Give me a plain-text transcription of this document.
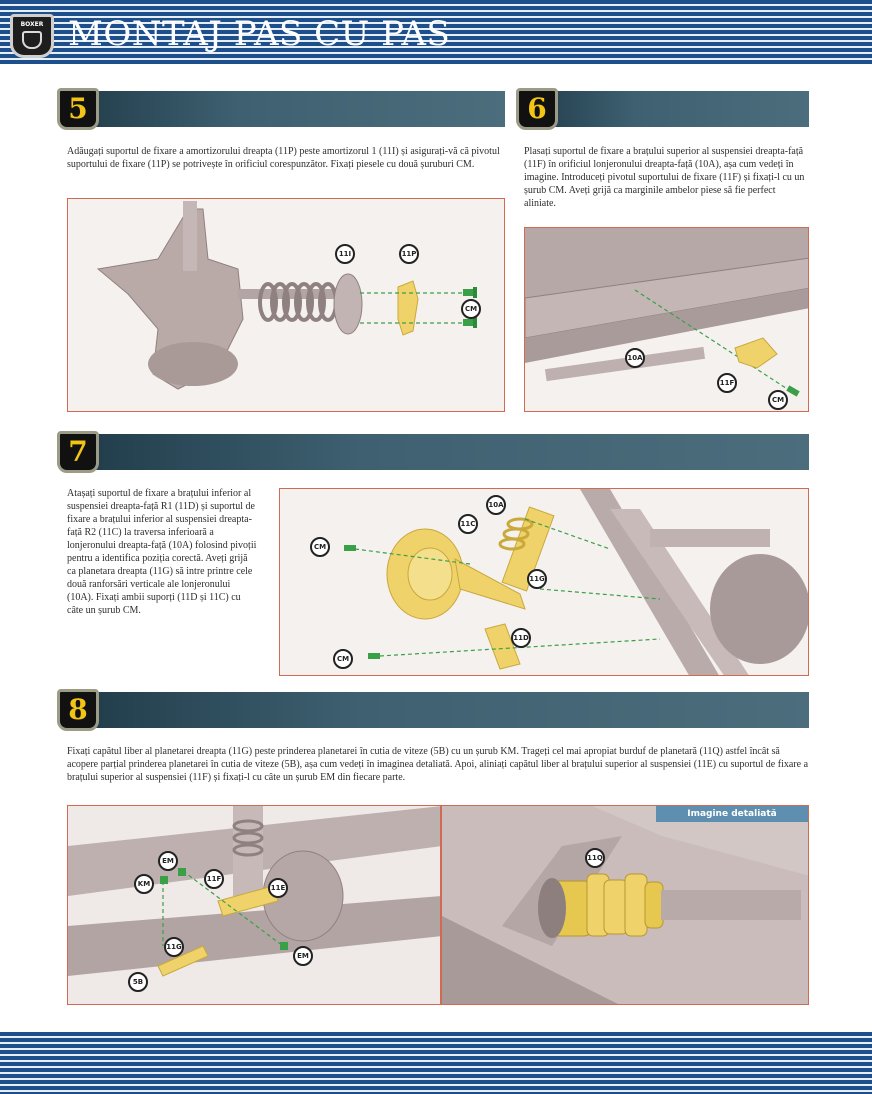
BOXER MONTAJ PAS CU PAS
5
Adăugați suportul de fixare a amortizorului dreapta (11P) peste amortizorul 1 (11I) și asigurați-vă că pivotul suportului de fixare (11P) se potrivește în orificiul corespunzător. Fixați piesele cu două șuruburi CM.
11I	11P
CM
6
Plasați suportul de fixare a brațului superior al suspensiei dreapta-față (11F) în orificiul lonjeronului dreapta-față (10A), așa cum vedeți în imagine. Introduceți pivotul suportului de fixare (11F) și fixați-l cu un șurub CM. Aveți grijă ca marginile ambelor piese să fie perfect aliniate.
10A
11F
CM
7
Atașați suportul de fixare a brațului inferior al suspensiei dreapta-față R1 (11D) și suportul de fixare a brațului inferior al suspensiei dreapta-față R2 (11C) la traversa inferioară a lonjeronului dreapta-față (10A) folosind pivoții pentru a identifica poziția corectă. Aveți grijă ca planetara dreapta (11G) să intre printre cele două ranforsări verticale ale lonjeronului (10A). Fixați ambii suporți (11D și 11C) cu câte un șurub CM.
10A
11C
CM
11G
11D
CM
8
Fixați capătul liber al planetarei dreapta (11G) peste prinderea planetarei în cutia de viteze (5B) cu un șurub KM. Trageți cel mai apropiat burduf de planetară (11Q) astfel încât să acopere parțial prinderea planetarei în cutia de viteze (5B), așa cum vedeți în imaginea detaliată. Apoi, aliniați capătul liber al brațului superior al suspensiei (11E) cu suportul de fixare a brațului superior al suspensiei (11F) și fixați-l cu câte un șurub EM din fiecare parte.
EM
KM
11F
11E
11G
EM
5B
Imagine detaliată
11Q
